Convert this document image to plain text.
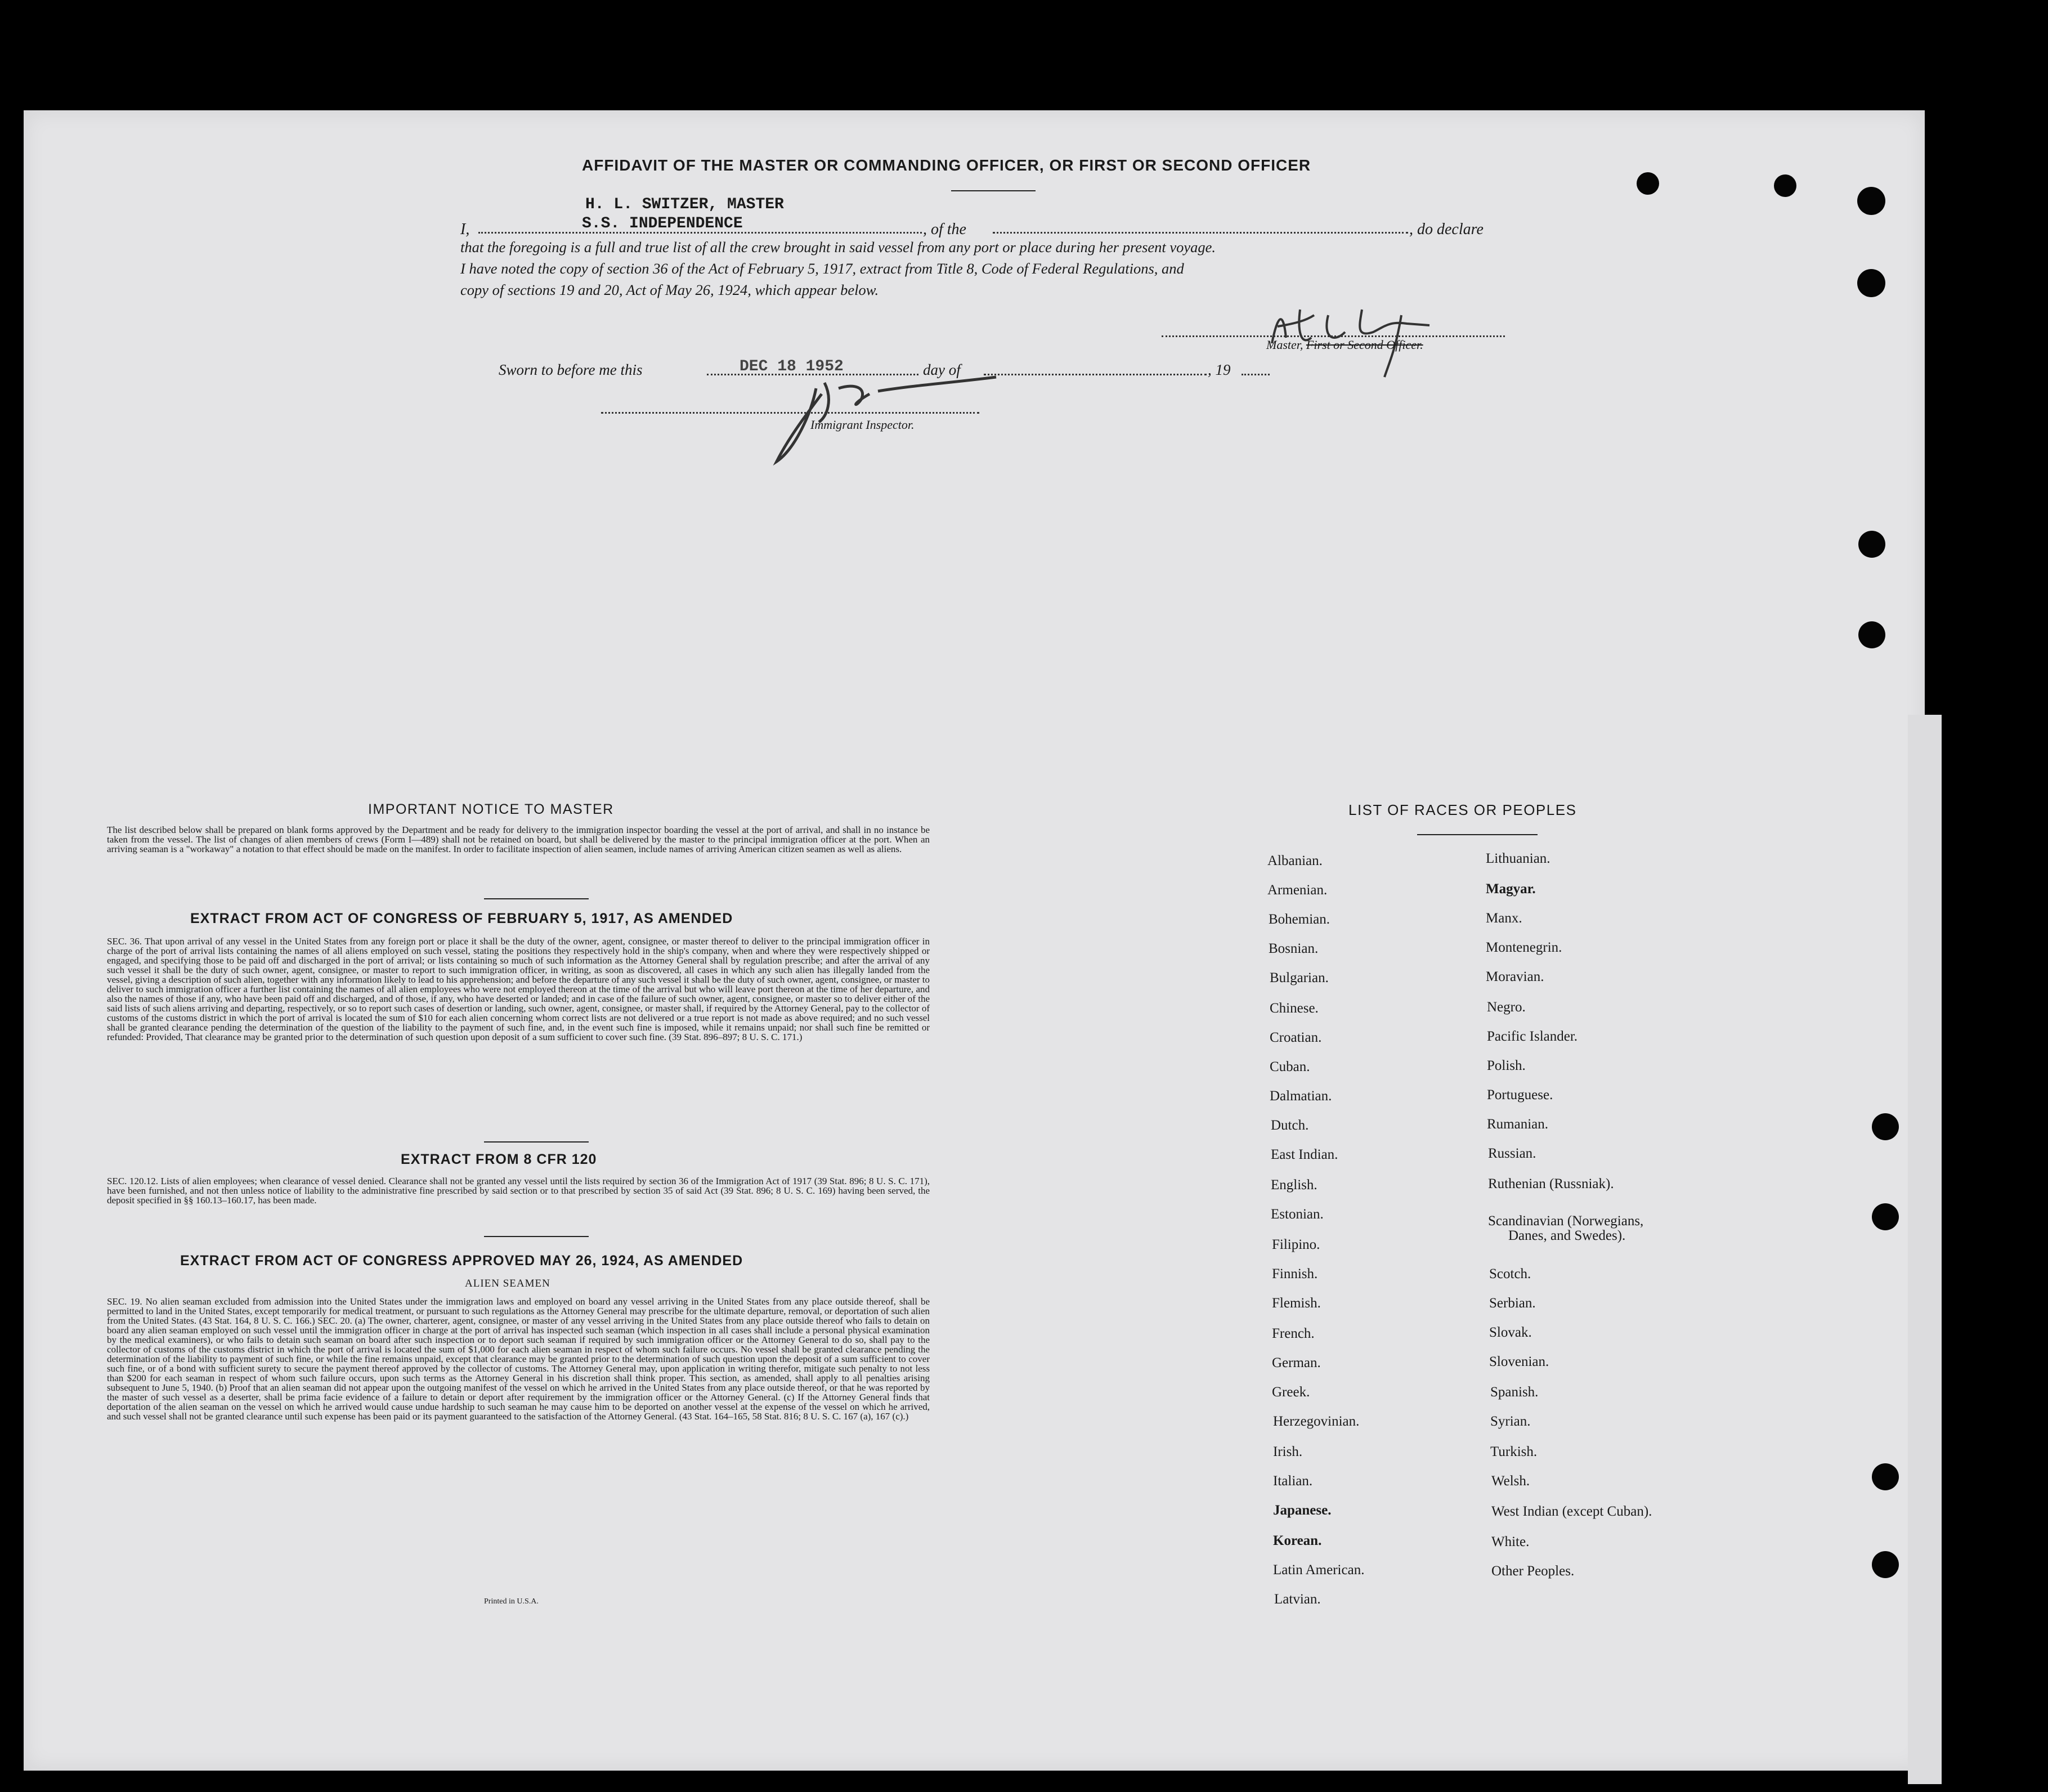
AFFIDAVIT OF THE MASTER OR COMMANDING OFFICER, OR FIRST OR SECOND OFFICER
H. L. SWITZER, MASTER
S.S. INDEPENDENCE
I,	, of the	, do declare
that the foregoing is a full and true list of all the crew brought in said vessel from any port or place during her present voyage.
I have noted the copy of section 36 of the Act of February 5, 1917, extract from Title 8, Code of Federal Regulations, and
copy of sections 19 and 20, Act of May 26, 1924, which appear below.
Master, First or Second Officer.
Sworn to before me this	DEC 18 1952	day of	, 19
Immigrant Inspector.
IMPORTANT NOTICE TO MASTER
The list described below shall be prepared on blank forms approved by the Department and be ready for delivery to the immigration inspector boarding the vessel at the port of arrival, and shall in no instance be taken from the vessel. The list of changes of alien members of crews (Form I—489) shall not be retained on board, but shall be delivered by the master to the principal immigration officer at the port. When an arriving seaman is a "workaway" a notation to that effect should be made on the manifest. In order to facilitate inspection of alien seamen, include names of arriving American citizen seamen as well as aliens.
EXTRACT FROM ACT OF CONGRESS OF FEBRUARY 5, 1917, AS AMENDED
SEC. 36. That upon arrival of any vessel in the United States from any foreign port or place it shall be the duty of the owner, agent, consignee, or master thereof to deliver to the principal immigration officer in charge of the port of arrival lists containing the names of all aliens employed on such vessel, stating the positions they respectively hold in the ship's company, when and where they were respectively shipped or engaged, and specifying those to be paid off and discharged in the port of arrival; or lists containing so much of such information as the Attorney General shall by regulation prescribe; and after the arrival of any such vessel it shall be the duty of such owner, agent, consignee, or master to report to such immigration officer, in writing, as soon as discovered, all cases in which any such alien has illegally landed from the vessel, giving a description of such alien, together with any information likely to lead to his apprehension; and before the departure of any such vessel it shall be the duty of such owner, agent, consignee, or master to deliver to such immigration officer a further list containing the names of all alien employees who were not employed thereon at the time of the arrival but who will leave port thereon at the time of her departure, and also the names of those if any, who have been paid off and discharged, and of those, if any, who have deserted or landed; and in case of the failure of such owner, agent, consignee, or master so to deliver either of the said lists of such aliens arriving and departing, respectively, or so to report such cases of desertion or landing, such owner, agent, consignee, or master shall, if required by the Attorney General, pay to the collector of customs of the customs district in which the port of arrival is located the sum of $10 for each alien concerning whom correct lists are not delivered or a true report is not made as above required; and no such vessel shall be granted clearance pending the determination of the question of the liability to the payment of such fine, and, in the event such fine is imposed, while it remains unpaid; nor shall such fine be remitted or refunded: Provided, That clearance may be granted prior to the determination of such question upon deposit of a sum sufficient to cover such fine. (39 Stat. 896–897; 8 U. S. C. 171.)
EXTRACT FROM 8 CFR 120
SEC. 120.12. Lists of alien employees; when clearance of vessel denied. Clearance shall not be granted any vessel until the lists required by section 36 of the Immigration Act of 1917 (39 Stat. 896; 8 U. S. C. 171), have been furnished, and not then unless notice of liability to the administrative fine prescribed by said section or to that prescribed by section 35 of said Act (39 Stat. 896; 8 U. S. C. 169) having been served, the deposit specified in §§ 160.13–160.17, has been made.
EXTRACT FROM ACT OF CONGRESS APPROVED MAY 26, 1924, AS AMENDED
ALIEN SEAMEN
SEC. 19. No alien seaman excluded from admission into the United States under the immigration laws and employed on board any vessel arriving in the United States from any place outside thereof, shall be permitted to land in the United States, except temporarily for medical treatment, or pursuant to such regulations as the Attorney General may prescribe for the ultimate departure, removal, or deportation of such alien from the United States. (43 Stat. 164, 8 U. S. C. 166.) SEC. 20. (a) The owner, charterer, agent, consignee, or master of any vessel arriving in the United States from any place outside thereof who fails to detain on board any alien seaman employed on such vessel until the immigration officer in charge at the port of arrival has inspected such seaman (which inspection in all cases shall include a personal physical examination by the medical examiners), or who fails to detain such seaman on board after such inspection or to deport such seaman if required by such immigration officer or the Attorney General to do so, shall pay to the collector of customs of the customs district in which the port of arrival is located the sum of $1,000 for each alien seaman in respect of whom such failure occurs. No vessel shall be granted clearance pending the determination of the liability to payment of such fine, or while the fine remains unpaid, except that clearance may be granted prior to the determination of such question upon the deposit of a sum sufficient to cover such fine, or of a bond with sufficient surety to secure the payment thereof approved by the collector of customs. The Attorney General may, upon application in writing therefor, mitigate such penalty to not less than $200 for each seaman in respect of whom such failure occurs, upon such terms as the Attorney General in his discretion shall think proper. This section, as amended, shall apply to all penalties arising subsequent to June 5, 1940. (b) Proof that an alien seaman did not appear upon the outgoing manifest of the vessel on which he arrived in the United States from any place outside thereof, or that he was reported by the master of such vessel as a deserter, shall be prima facie evidence of a failure to detain or deport after requirement by the immigration officer or the Attorney General. (c) If the Attorney General finds that deportation of the alien seaman on the vessel on which he arrived would cause undue hardship to such seaman he may cause him to be deported on another vessel at the expense of the vessel on which he arrived, and such vessel shall not be granted clearance until such expense has been paid or its payment guaranteed to the satisfaction of the Attorney General. (43 Stat. 164–165, 58 Stat. 816; 8 U. S. C. 167 (a), 167 (c).)
Printed in U.S.A.
LIST OF RACES OR PEOPLES
Albanian.
Armenian.
Bohemian.
Bosnian.
Bulgarian.
Chinese.
Croatian.
Cuban.
Dalmatian.
Dutch.
East Indian.
English.
Estonian.
Filipino.
Finnish.
Flemish.
French.
German.
Greek.
Herzegovinian.
Irish.
Italian.
Japanese.
Korean.
Latin American.
Latvian.
Lithuanian.
Magyar.
Manx.
Montenegrin.
Moravian.
Negro.
Pacific Islander.
Polish.
Portuguese.
Rumanian.
Russian.
Ruthenian (Russniak).
Scandinavian (Norwegians,
Danes, and Swedes).
Scotch.
Serbian.
Slovak.
Slovenian.
Spanish.
Syrian.
Turkish.
Welsh.
West Indian (except Cuban).
White.
Other Peoples.
